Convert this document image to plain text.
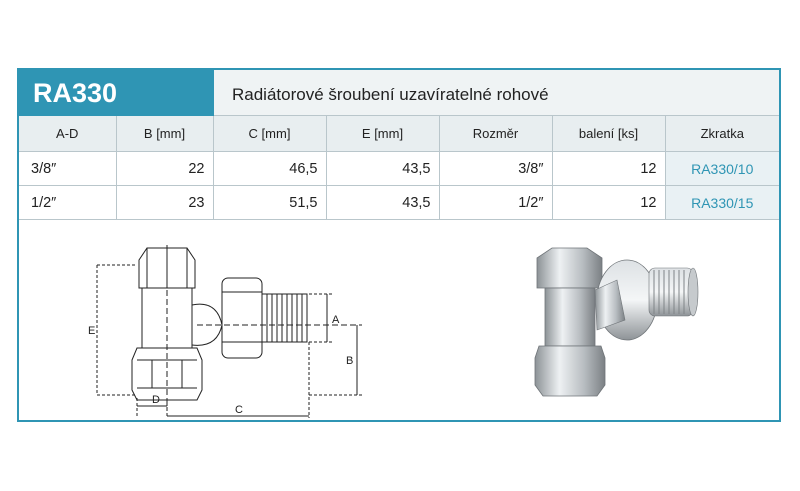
RA330	Radiátorové šroubení uzavíratelné rohové
A-D	B [mm]	C [mm]	E [mm]	Rozměr	balení [ks]	Zkratka
3/8″	22	46,5	43,5	3/8″	12	RA330/10
1/2″	23	51,5	43,5	1/2″	12	RA330/15
E
A
B
D
C
